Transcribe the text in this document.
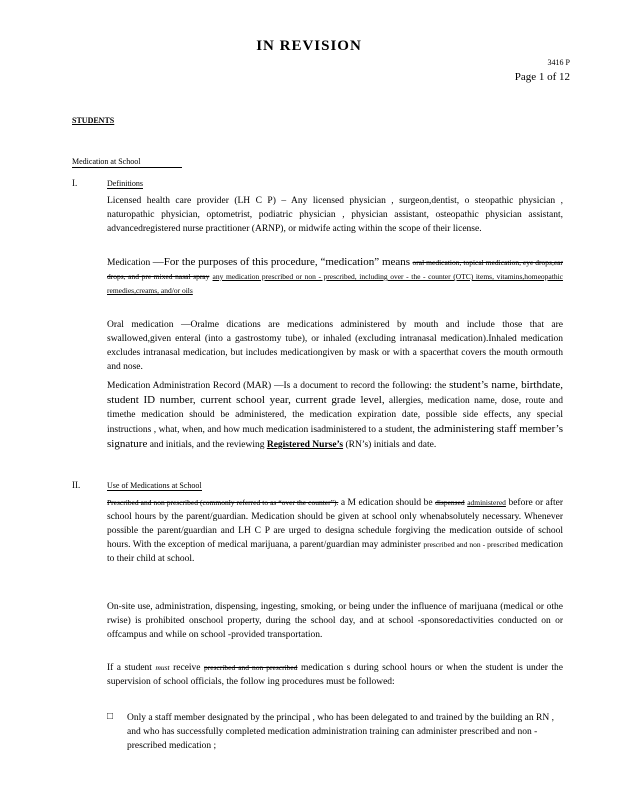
IN REVISION
3416 P
Page 1 of 12
STUDENTS
Medication at School
I.	Definitions

Licensed health care provider (LH C P) – Any licensed physician , surgeon,dentist, o steopathic physician , naturopathic physician, optometrist, podiatric physician , physician assistant, osteopathic physician assistant, advancedregistered nurse practitioner (ARNP), or midwife acting within the scope of their license.

Medication —For the purposes of this procedure, “medication” means oral medication, topical medication, eye drops,ear drops, and pre mixed nasal spray any medication prescribed or non - prescribed, including over - the - counter (OTC) items, vitamins,homeopathic remedies,creams, and/or oils

Oral medication —Oralme dications are medications administered by mouth and include those that are swallowed,given enteral (into a gastrostomy tube), or inhaled (excluding intranasal medication).Inhaled medication excludes intranasal medication, but includes medicationgiven by mask or with a spacerthat covers the mouth ormouth and nose.

Medication Administration Record (MAR) —Is a document to record the following: the student’s name, birthdate, student ID number, current school year, current grade level, allergies, medication name, dose, route and timethe medication should be administered, the medication expiration date, possible side effects, any special instructions , what, when, and how much medication isadministered to a student, the administering staff member’s signature and initials, and the reviewing Registered Nurse’s (RN’s) initials and date.

II.	Use of Medications at School

Prescribed and non prescribed (commonly referred to as “over the counter”). a M edication should be dispensed administered before or after school hours by the parent/guardian. Medication should be given at school only whenabsolutely necessary. Whenever possible the parent/guardian and LH C P are urged to designa schedule forgiving the medication outside of school hours. With the exception of medical marijuana, a parent/guardian may administer prescribed and non - prescribed medication to their child at school.

On-site use, administration, dispensing, ingesting, smoking, or being under the influence of marijuana (medical or othe rwise) is prohibited onschool property, during the school day, and at school -sponsoredactivities conducted on or offcampus and while on school -provided transportation.

If a student must receive prescribed and non prescribed medication s during school hours or when the student is under the supervision of school officials, the follow ing procedures must be followed:

□ Only a staff member designated by the principal , who has been delegated to and trained by the building an RN , and who has successfully completed medication administration training can administer prescribed and non - prescribed medication ;
